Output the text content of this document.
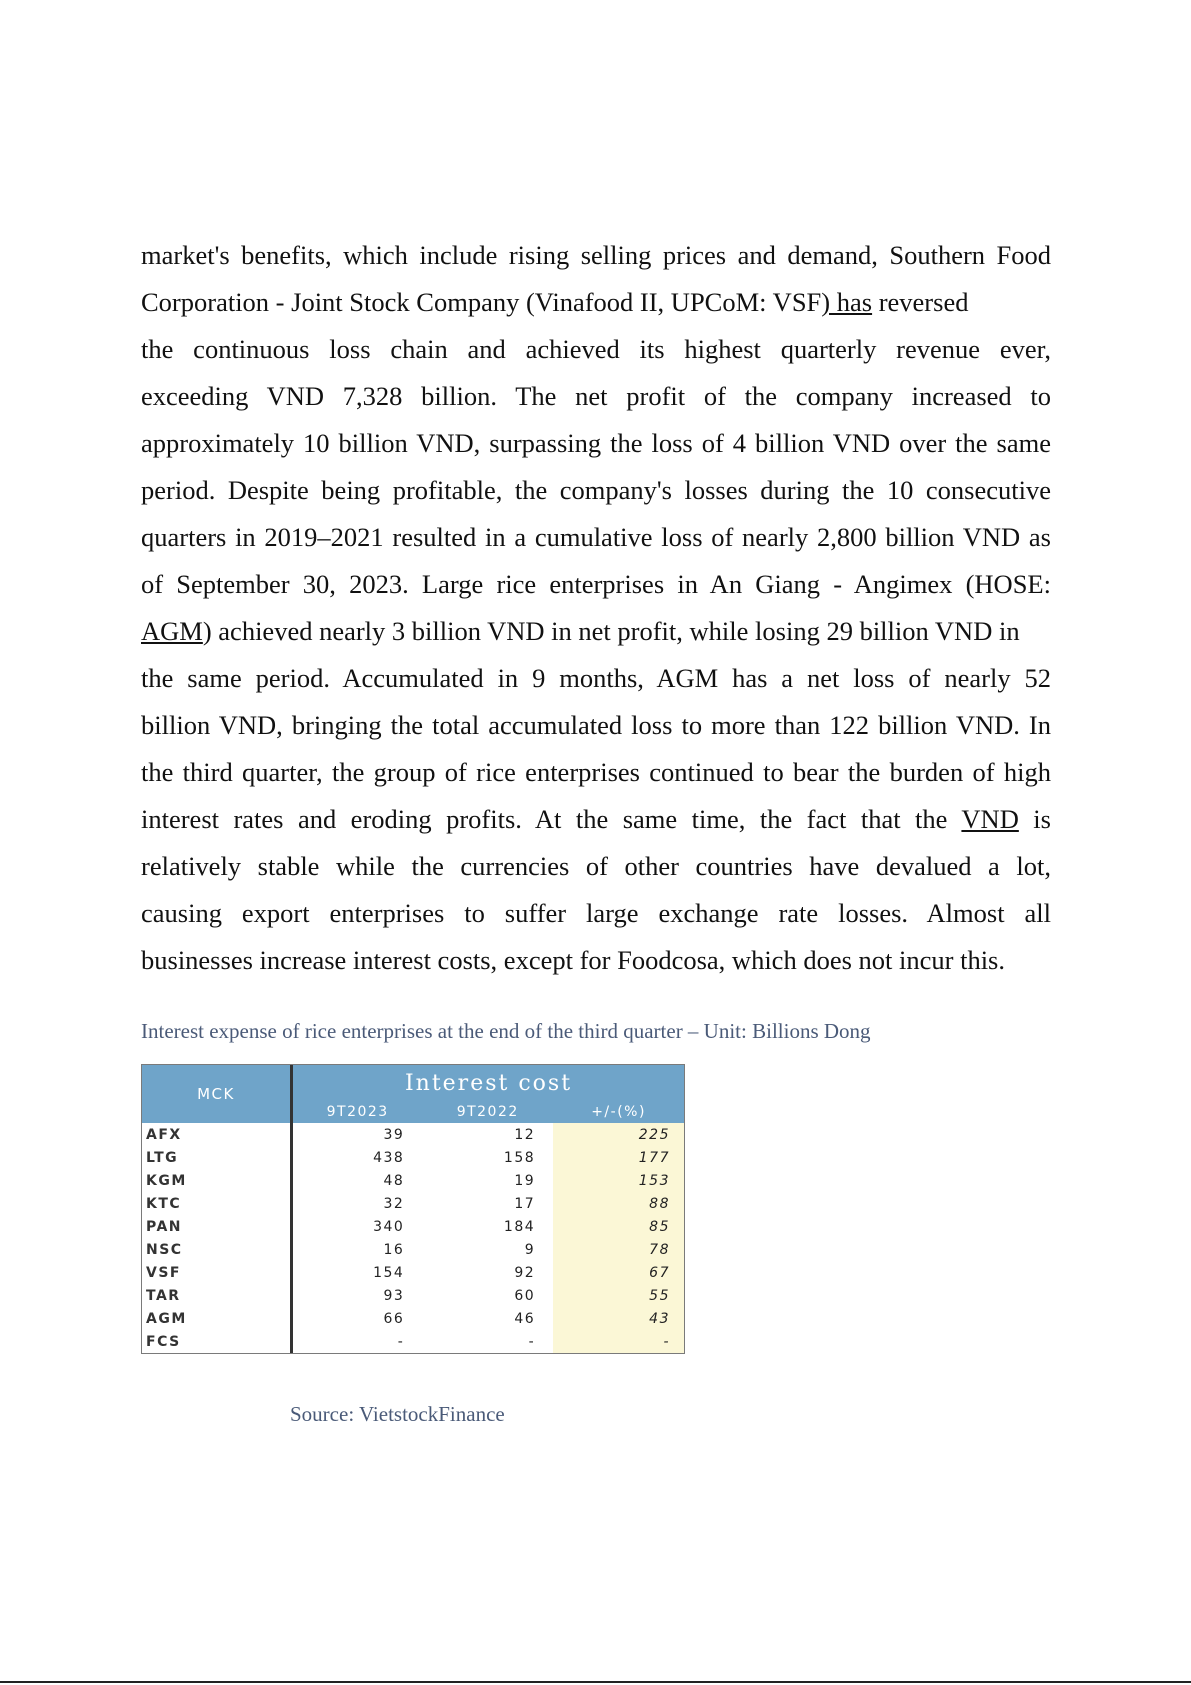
market's benefits, which include rising selling prices and demand, Southern Food
Corporation - Joint Stock Company (Vinafood II, UPCoM: VSF) has reversed
the continuous loss chain and achieved its highest quarterly revenue ever,
exceeding VND 7,328 billion. The net profit of the company increased to
approximately 10 billion VND, surpassing the loss of 4 billion VND over the same
period. Despite being profitable, the company's losses during the 10 consecutive
quarters in 2019–2021 resulted in a cumulative loss of nearly 2,800 billion VND as
of September 30, 2023. Large rice enterprises in An Giang - Angimex (HOSE:
AGM) achieved nearly 3 billion VND in net profit, while losing 29 billion VND in
the same period. Accumulated in 9 months, AGM has a net loss of nearly 52
billion VND, bringing the total accumulated loss to more than 122 billion VND. In
the third quarter, the group of rice enterprises continued to bear the burden of high
interest rates and eroding profits. At the same time, the fact that the VND is
relatively stable while the currencies of other countries have devalued a lot,
causing export enterprises to suffer large exchange rate losses. Almost all
businesses increase interest costs, except for Foodcosa, which does not incur this.
Interest expense of rice enterprises at the end of the third quarter – Unit: Billions Dong
MCK	Interest cost		
	9T2023	9T2022	+/-(%)
AFX	39	12	225
LTG	438	158	177
KGM	48	19	153
KTC	32	17	88
PAN	340	184	85
NSC	16	9	78
VSF	154	92	67
TAR	93	60	55
AGM	66	46	43
FCS	-	-	-
Source: VietstockFinance
